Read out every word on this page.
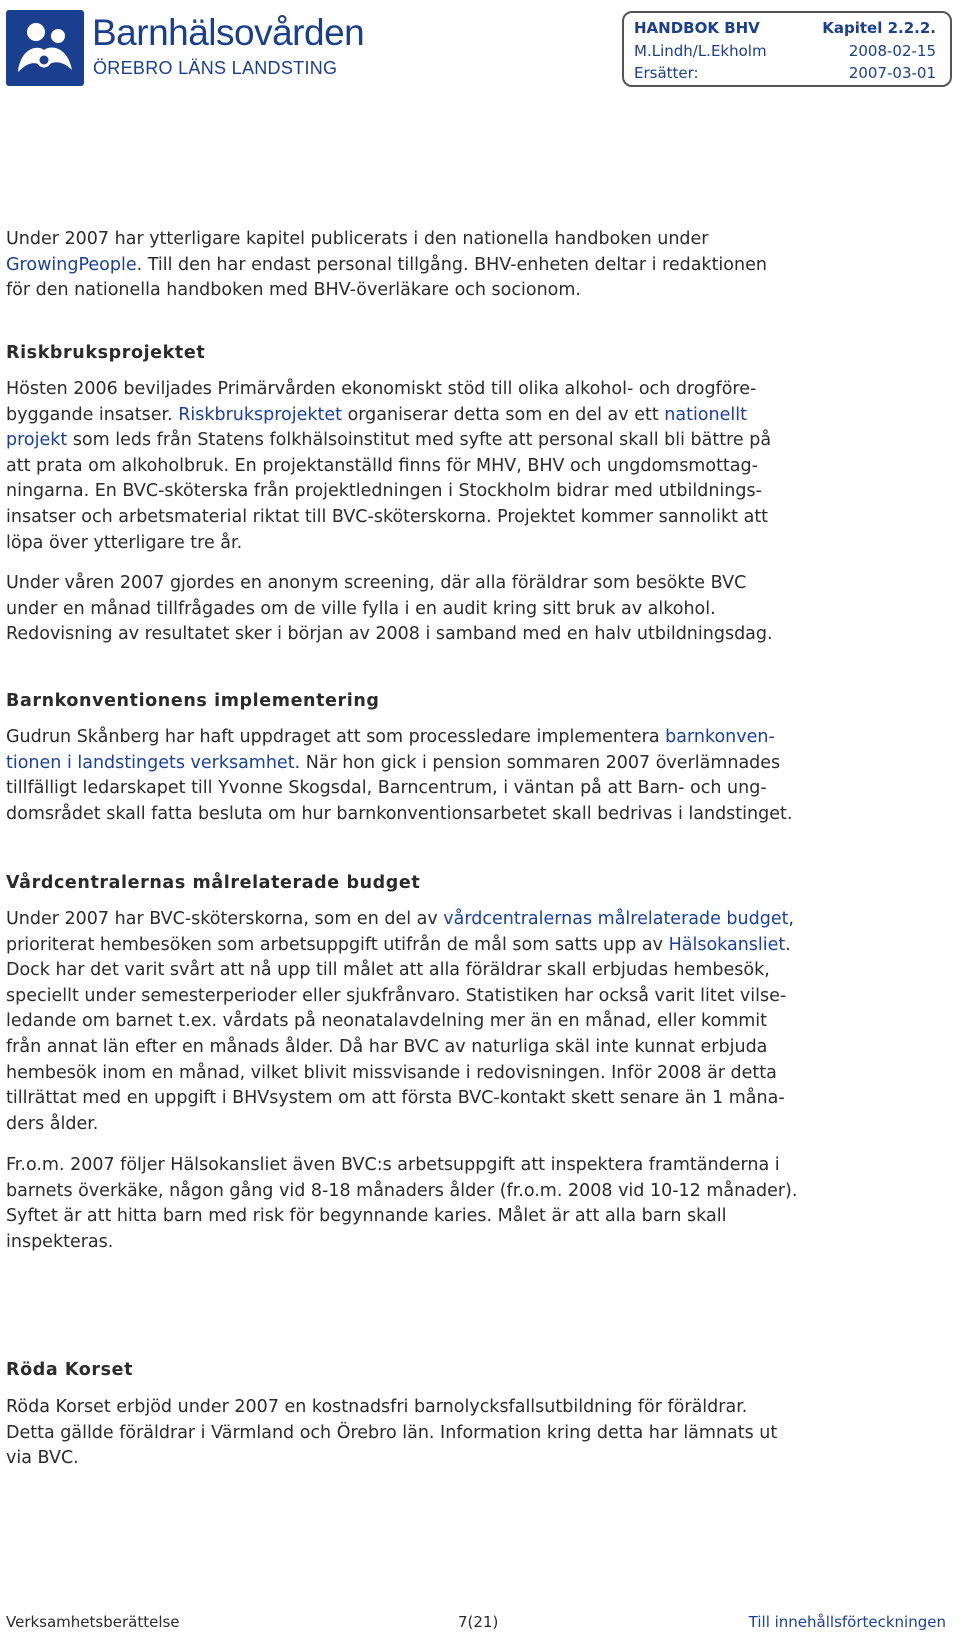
Barnhälsovården
ÖREBRO LÄNS LANDSTING
HANDBOK BHV	Kapitel 2.2.2.
M.Lindh/L.Ekholm	2008-02-15
Ersätter:	2007-03-01

Under 2007 har ytterligare kapitel publicerats i den nationella handboken under

GrowingPeople. Till den har endast personal tillgång. BHV-enheten deltar i redaktionen

för den nationella handboken med BHV-överläkare och socionom.

Riskbruksprojektet

Hösten 2006 beviljades Primärvården ekonomiskt stöd till olika alkohol- och drogföre-

byggande insatser. Riskbruksprojektet organiserar detta som en del av ett nationellt

projekt som leds från Statens folkhälsoinstitut med syfte att personal skall bli bättre på

att prata om alkoholbruk. En projektanställd finns för MHV, BHV och ungdomsmottag-

ningarna. En BVC-sköterska från projektledningen i Stockholm bidrar med utbildnings-

insatser och arbetsmaterial riktat till BVC-sköterskorna. Projektet kommer sannolikt att

löpa över ytterligare tre år.

Under våren 2007 gjordes en anonym screening, där alla föräldrar som besökte BVC

under en månad tillfrågades om de ville fylla i en audit kring sitt bruk av alkohol.

Redovisning av resultatet sker i början av 2008 i samband med en halv utbildningsdag.

Barnkonventionens implementering

Gudrun Skånberg har haft uppdraget att som processledare implementera barnkonven-

tionen i landstingets verksamhet. När hon gick i pension sommaren 2007 överlämnades

tillfälligt ledarskapet till Yvonne Skogsdal, Barncentrum, i väntan på att Barn- och ung-

domsrådet skall fatta besluta om hur barnkonventionsarbetet skall bedrivas i landstinget.

Vårdcentralernas målrelaterade budget

Under 2007 har BVC-sköterskorna, som en del av vårdcentralernas målrelaterade budget,

prioriterat hembesöken som arbetsuppgift utifrån de mål som satts upp av Hälsokansliet.

Dock har det varit svårt att nå upp till målet att alla föräldrar skall erbjudas hembesök,

speciellt under semesterperioder eller sjukfrånvaro. Statistiken har också varit litet vilse-

ledande om barnet t.ex. vårdats på neonatalavdelning mer än en månad, eller kommit

från annat län efter en månads ålder. Då har BVC av naturliga skäl inte kunnat erbjuda

hembesök inom en månad, vilket blivit missvisande i redovisningen. Inför 2008 är detta

tillrättat med en uppgift i BHVsystem om att första BVC-kontakt skett senare än 1 måna-

ders ålder.

Fr.o.m. 2007 följer Hälsokansliet även BVC:s arbetsuppgift att inspektera framtänderna i

barnets överkäke, någon gång vid 8-18 månaders ålder (fr.o.m. 2008 vid 10-12 månader).

Syftet är att hitta barn med risk för begynnande karies. Målet är att alla barn skall

inspekteras.

Röda Korset

Röda Korset erbjöd under 2007 en kostnadsfri barnolycksfallsutbildning för föräldrar.

Detta gällde föräldrar i Värmland och Örebro län. Information kring detta har lämnats ut

via BVC.

Verksamhetsberättelse	7(21)	Till innehållsförteckningen
